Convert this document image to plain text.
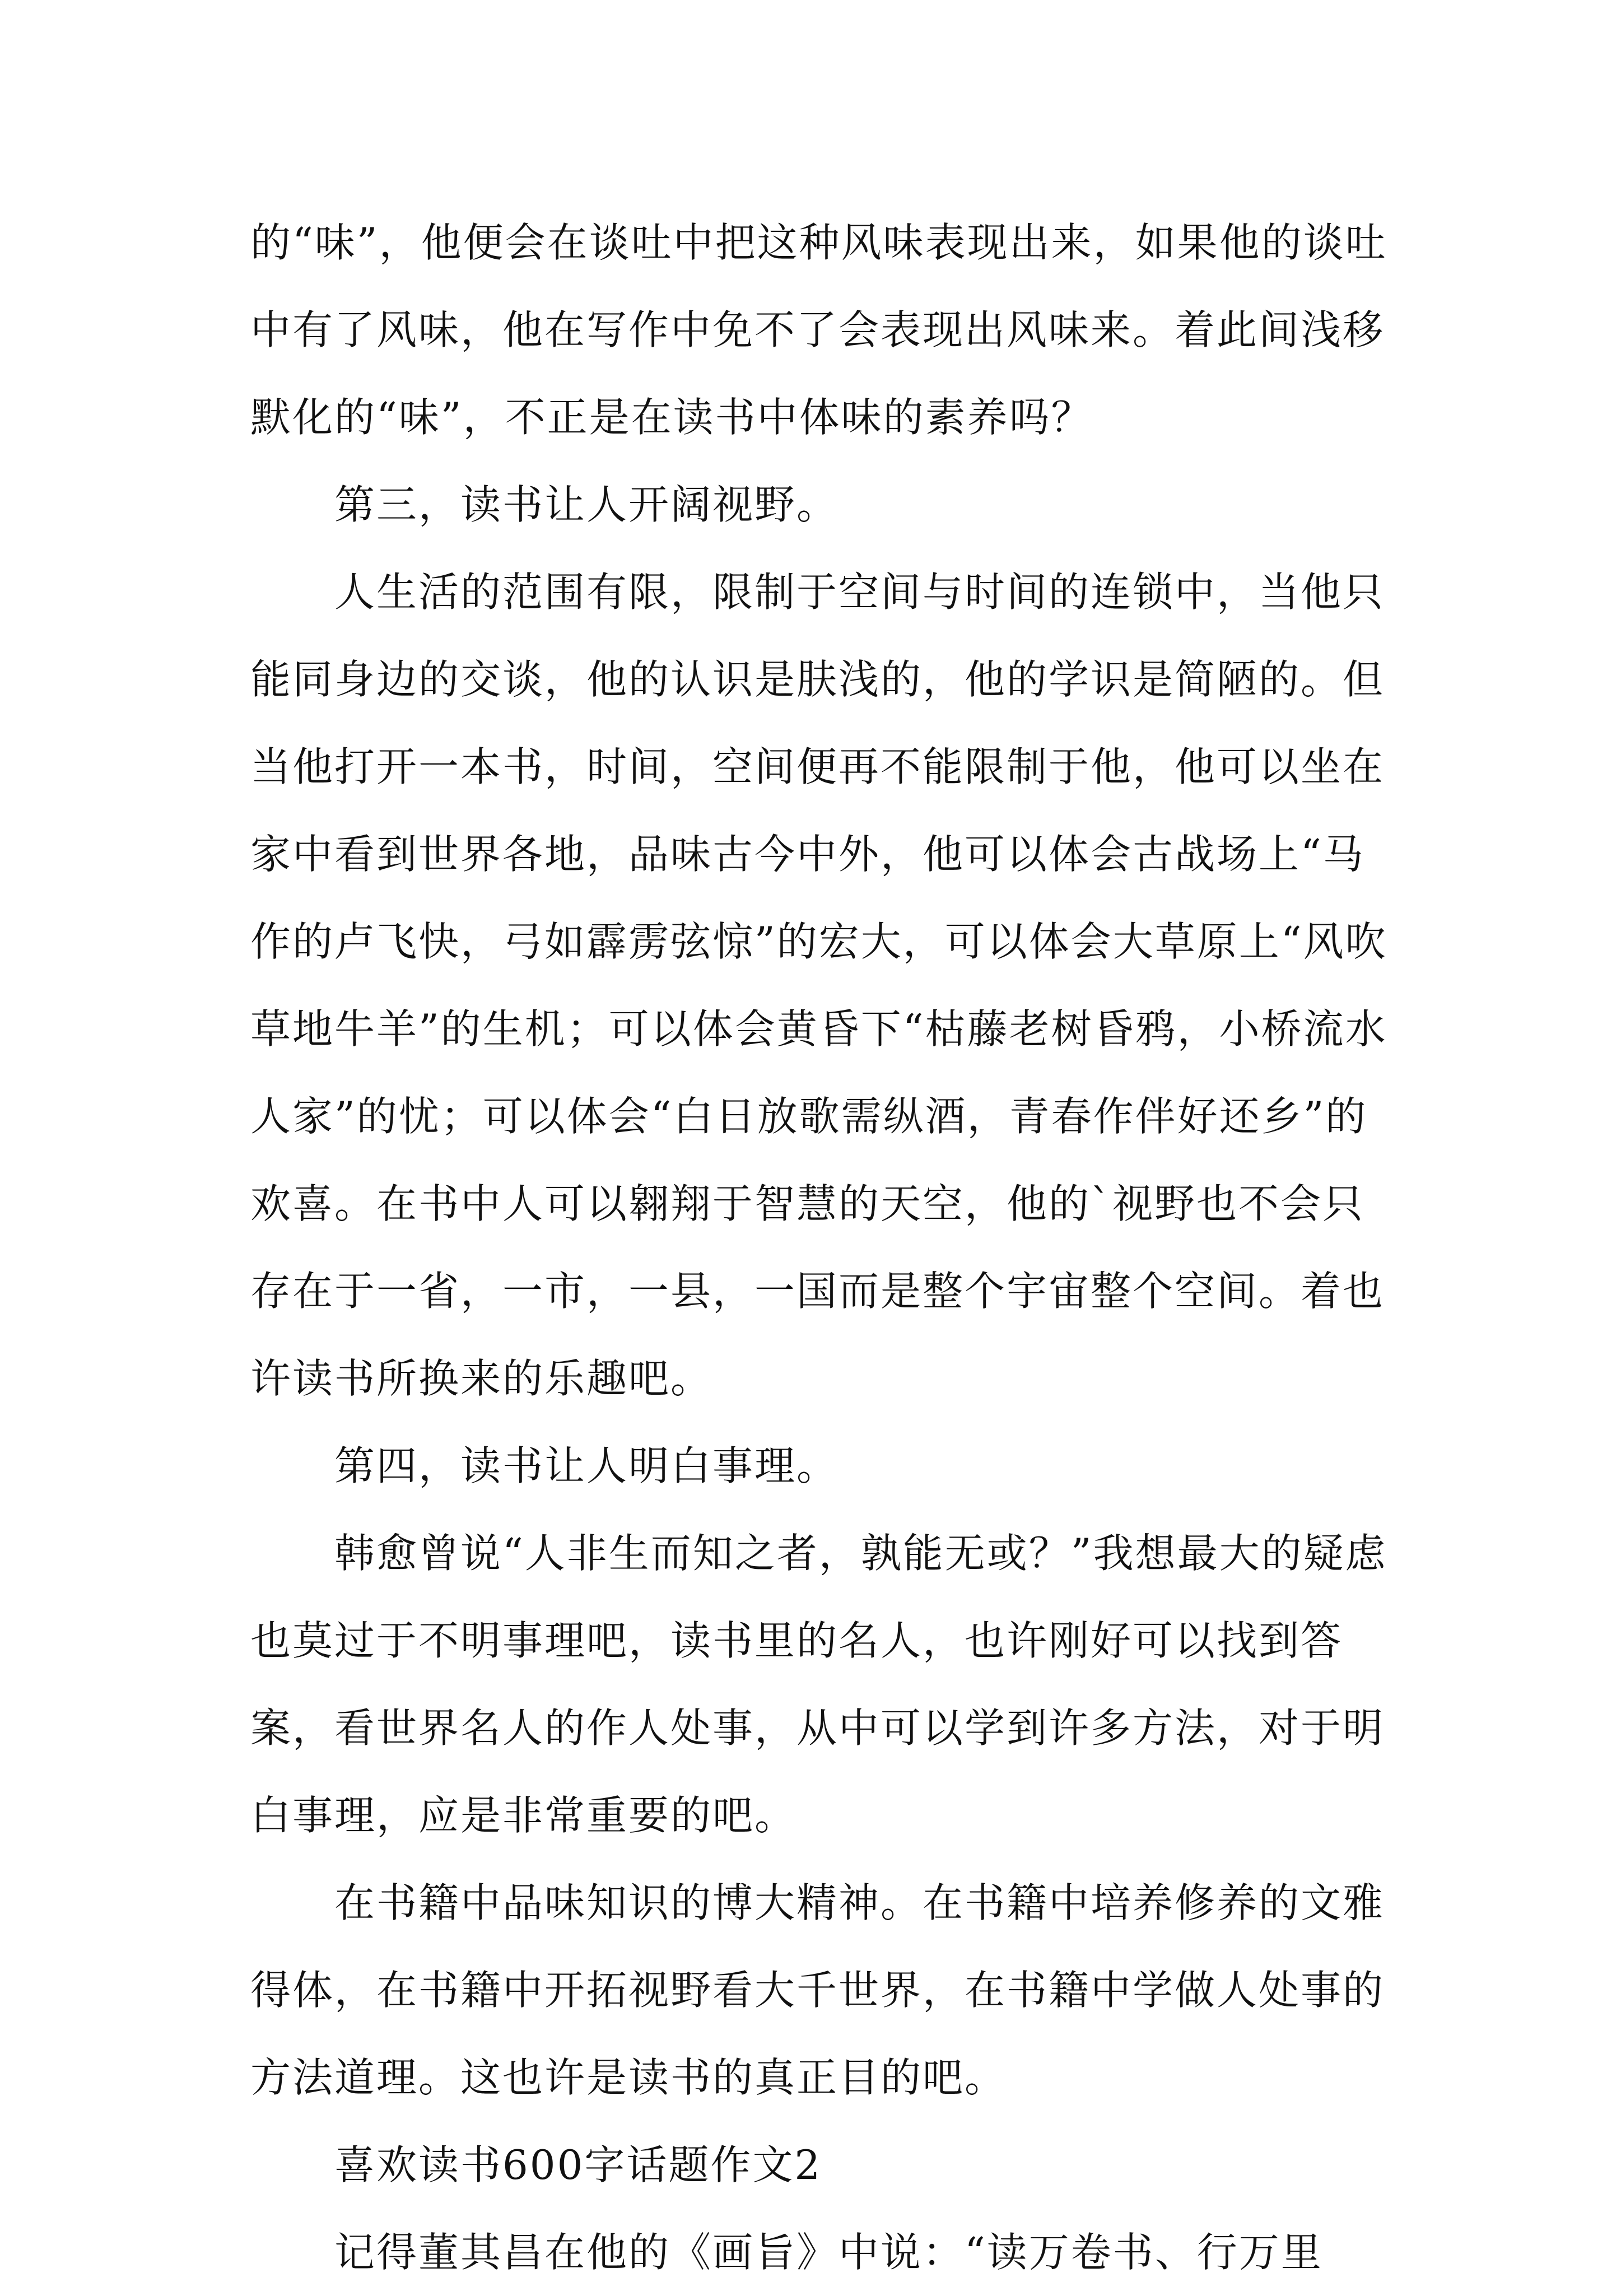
的“味”，他便会在谈吐中把这种风味表现出来，如果他的谈吐中有了风味，他在写作中免不了会表现出风味来。着此间浅移默化的“味”，不正是在读书中体味的素养吗？

第三，读书让人开阔视野。

人生活的范围有限，限制于空间与时间的连锁中，当他只能同身边的交谈，他的认识是肤浅的，他的学识是简陋的。但当他打开一本书，时间，空间便再不能限制于他，他可以坐在家中看到世界各地，品味古今中外，他可以体会古战场上“马作的卢飞快，弓如霹雳弦惊”的宏大，可以体会大草原上“风吹草地牛羊”的生机；可以体会黄昏下“枯藤老树昏鸦，小桥流水人家”的忧；可以体会“白日放歌需纵酒，青春作伴好还乡”的欢喜。在书中人可以翱翔于智慧的天空，他的`视野也不会只存在于一省，一市，一县，一国而是整个宇宙整个空间。着也许读书所换来的乐趣吧。

第四，读书让人明白事理。

韩愈曾说“人非生而知之者，孰能无或？”我想最大的疑虑也莫过于不明事理吧，读书里的名人，也许刚好可以找到答案，看世界名人的作人处事，从中可以学到许多方法，对于明白事理，应是非常重要的吧。

在书籍中品味知识的博大精神。在书籍中培养修养的文雅得体，在书籍中开拓视野看大千世界，在书籍中学做人处事的方法道理。这也许是读书的真正目的吧。

喜欢读书600字话题作文2

记得董其昌在他的《画旨》中说：“读万卷书、行万里
